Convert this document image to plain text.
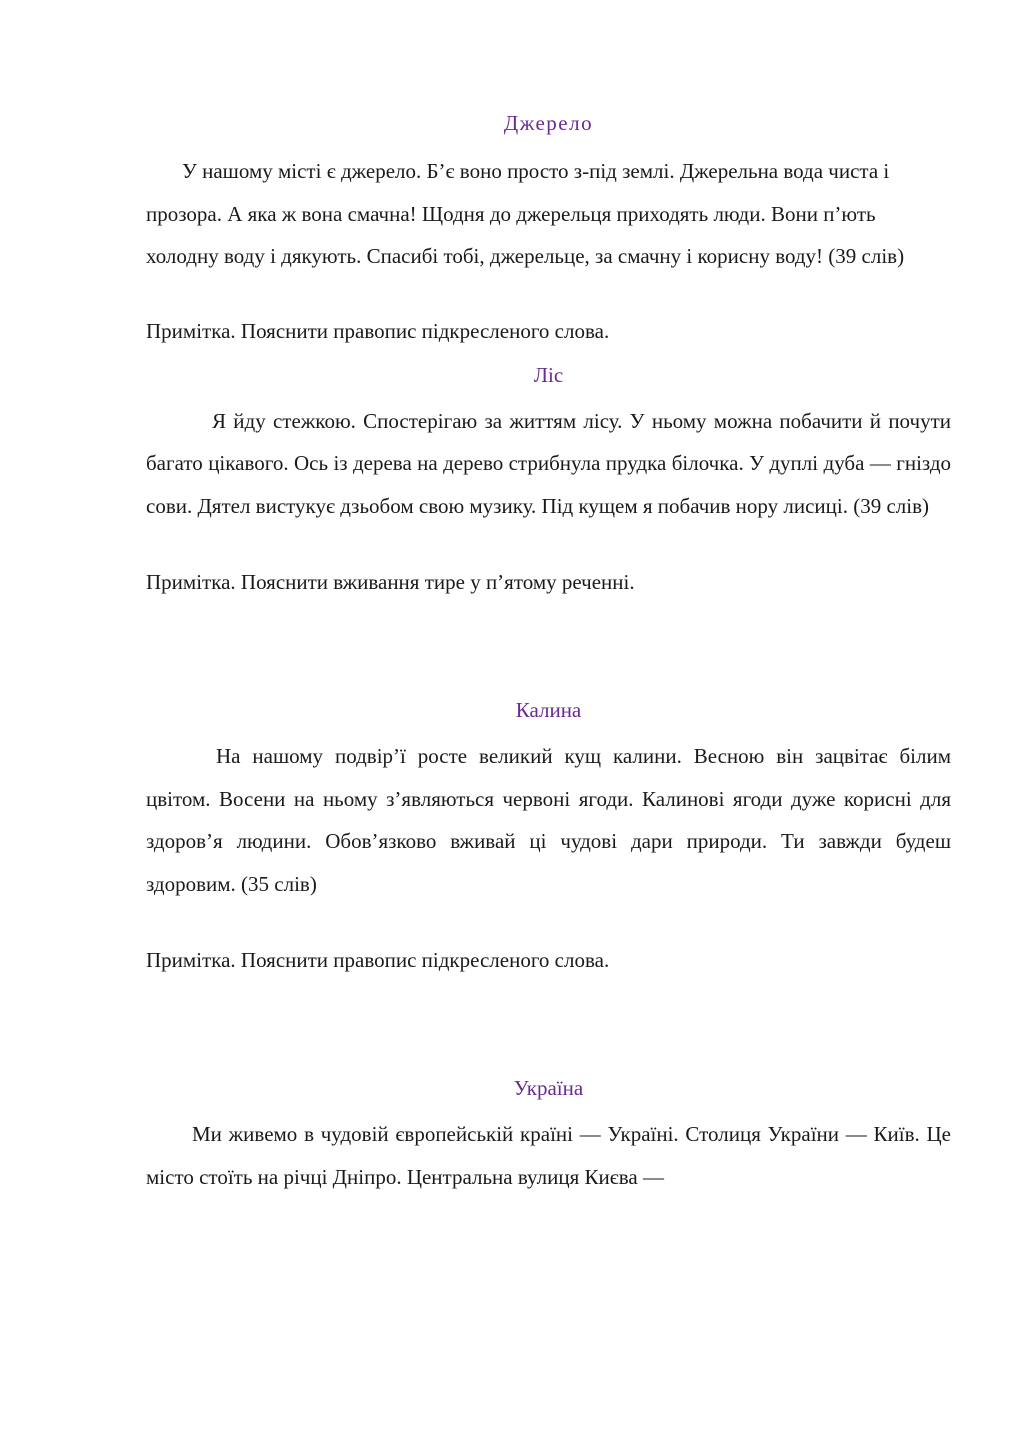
Джерело

У нашому місті є джерело. Б’є воно просто з-під землі. Джерельна вода чиста і прозора. А яка ж вона смачна! Щодня до джерельця приходять люди. Вони п’ють холодну воду і дякують. Спасибі тобі, джерельце, за смачну і корисну воду! (39 слів)

Примітка. Пояснити правопис підкресленого слова.

Ліс

Я йду стежкою. Спостерігаю за життям лісу. У ньому можна побачити й почути багато цікавого. Ось із дерева на дерево стрибнула прудка білочка. У дуплі дуба — гніздо сови. Дятел вистукує дзьобом свою музику. Під кущем я побачив нору лисиці. (39 слів)

Примітка. Пояснити вживання тире у п’ятому реченні.

Калина

На нашому подвір’ї росте великий кущ калини. Весною він зацвітає білим цвітом. Восени на ньому з’являються червоні ягоди. Калинові ягоди дуже корисні для здоров’я людини. Обов’язково вживай ці чудові дари природи. Ти завжди будеш здоровим. (35 слів)

Примітка. Пояснити правопис підкресленого слова.

Україна

Ми живемо в чудовій європейській країні — Україні. Столиця України — Київ. Це місто стоїть на річці Дніпро. Центральна вулиця Києва —
